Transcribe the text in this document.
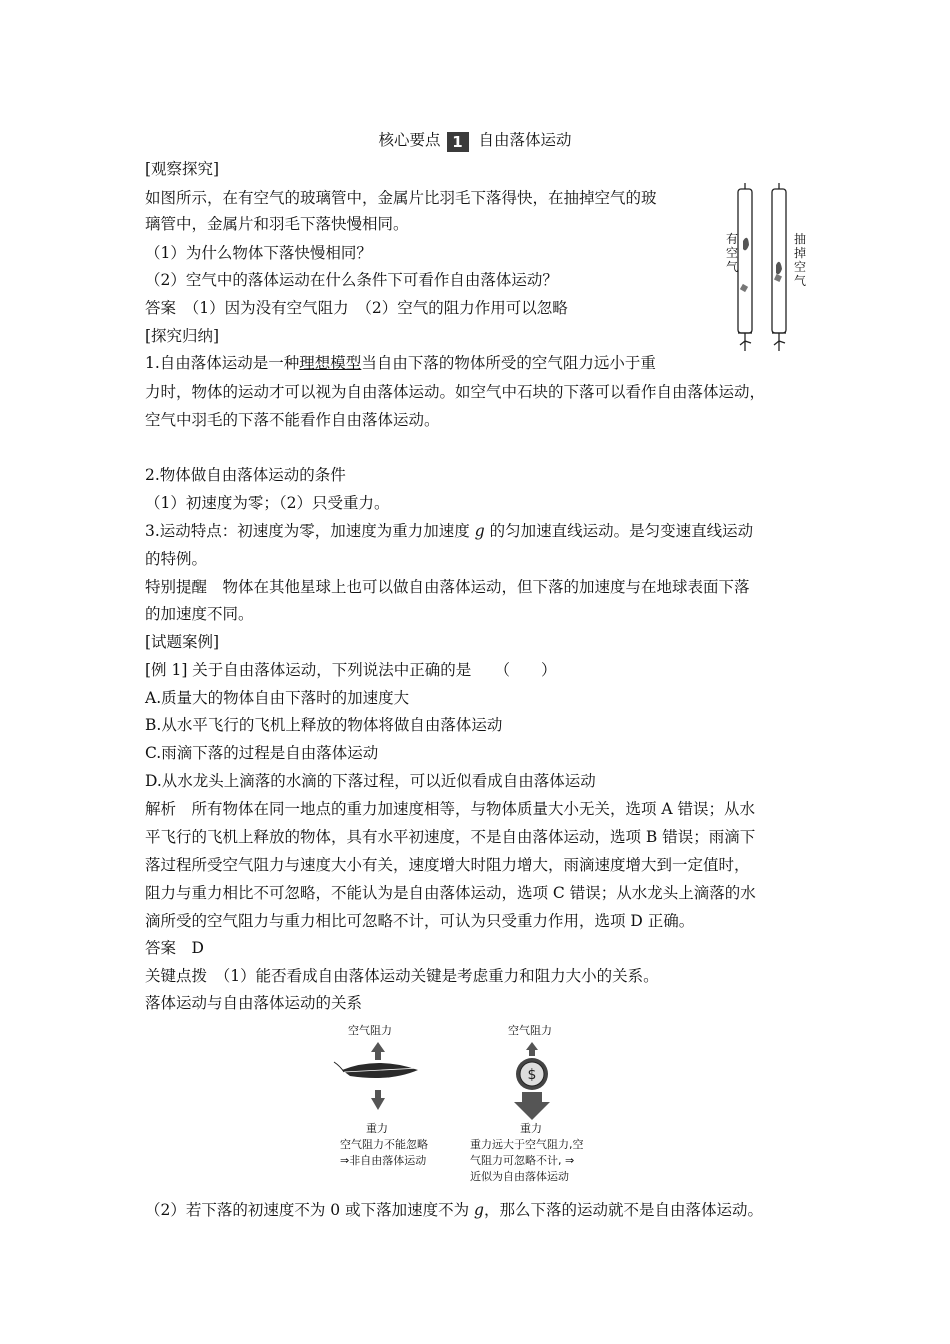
核心要点 1 自由落体运动
[观察探究]
如图所示，在有空气的玻璃管中，金属片比羽毛下落得快，在抽掉空气的玻
璃管中，金属片和羽毛下落快慢相同。
（1）为什么物体下落快慢相同？
（2）空气中的落体运动在什么条件下可看作自由落体运动？
答案　（1）因为没有空气阻力　（2）空气的阻力作用可以忽略
[探究归纳]
1.自由落体运动是一种理想模型当自由下落的物体所受的空气阻力远小于重
力时，物体的运动才可以视为自由落体运动。如空气中石块的下落可以看作自由落体运动，
空气中羽毛的下落不能看作自由落体运动。
2.物体做自由落体运动的条件
（1）初速度为零；（2）只受重力。
3.运动特点：初速度为零，加速度为重力加速度 g 的匀加速直线运动。是匀变速直线运动
的特例。
特别提醒　物体在其他星球上也可以做自由落体运动，但下落的加速度与在地球表面下落
的加速度不同。
[试题案例]
[例 1] 关于自由落体运动，下列说法中正确的是　　（　　）
A.质量大的物体自由下落时的加速度大
B.从水平飞行的飞机上释放的物体将做自由落体运动
C.雨滴下落的过程是自由落体运动
D.从水龙头上滴落的水滴的下落过程，可以近似看成自由落体运动
解析　所有物体在同一地点的重力加速度相等，与物体质量大小无关，选项 A 错误；从水
平飞行的飞机上释放的物体，具有水平初速度，不是自由落体运动，选项 B 错误；雨滴下
落过程所受空气阻力与速度大小有关，速度增大时阻力增大，雨滴速度增大到一定值时，
阻力与重力相比不可忽略，不能认为是自由落体运动，选项 C 错误；从水龙头上滴落的水
滴所受的空气阻力与重力相比可忽略不计，可认为只受重力作用，选项 D 正确。
答案　D
关键点拨　（1）能否看成自由落体运动关键是考虑重力和阻力大小的关系。
落体运动与自由落体运动的关系
（2）若下落的初速度不为 0 或下落加速度不为 g，那么下落的运动就不是自由落体运动。
有空气
抽掉空气
空气阻力
重力
空气阻力不能忽略
⇒非自由落体运动
空气阻力
重力
重力远大于空气阻力,空
气阻力可忽略不计, ⇒
近似为自由落体运动
$
